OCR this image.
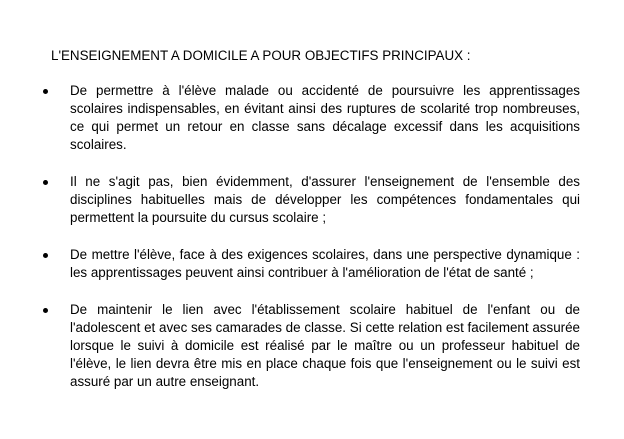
L'ENSEIGNEMENT A DOMICILE A POUR OBJECTIFS PRINCIPAUX :
De permettre à l'élève malade ou accidenté de poursuivre les apprentissages scolaires indispensables, en évitant ainsi des ruptures de scolarité trop nombreuses, ce qui permet un retour en classe sans décalage excessif dans les acquisitions scolaires.
Il ne s'agit pas, bien évidemment, d'assurer l'enseignement de l'ensemble des disciplines habituelles mais de développer les compétences fondamentales qui permettent la poursuite du cursus scolaire ;
De mettre l'élève, face à des exigences scolaires, dans une perspective dynamique : les apprentissages peuvent ainsi contribuer à l'amélioration de l'état de santé ;
De maintenir le lien avec l'établissement scolaire habituel de l'enfant ou de l'adolescent et avec ses camarades de classe. Si cette relation est facilement assurée lorsque le suivi à domicile est réalisé par le maître ou un professeur habituel de l'élève, le lien devra être mis en place chaque fois que l'enseignement ou le suivi est assuré par un autre enseignant.
